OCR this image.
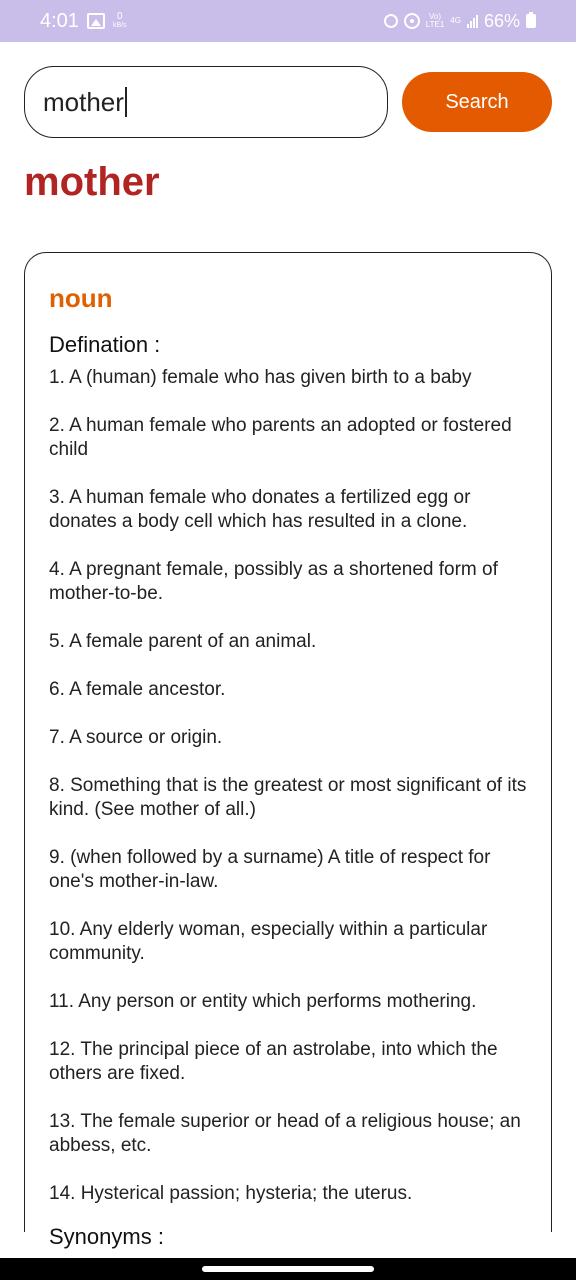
4:01	0
kB/s
Vo)
LTE1 4G 66%
mother	Search
mother
noun
Defination :
1. A (human) female who has given birth to a baby
2. A human female who parents an adopted or fostered child
3. A human female who donates a fertilized egg or donates a body cell which has resulted in a clone.
4. A pregnant female, possibly as a shortened form of mother-to-be.
5. A female parent of an animal.
6. A female ancestor.
7. A source or origin.
8. Something that is the greatest or most significant of its kind. (See mother of all.)
9. (when followed by a surname) A title of respect for one's mother-in-law.
10. Any elderly woman, especially within a particular community.
11. Any person or entity which performs mothering.
12. The principal piece of an astrolabe, into which the others are fixed.
13. The female superior or head of a religious house; an abbess, etc.
14. Hysterical passion; hysteria; the uterus.
Synonyms :
